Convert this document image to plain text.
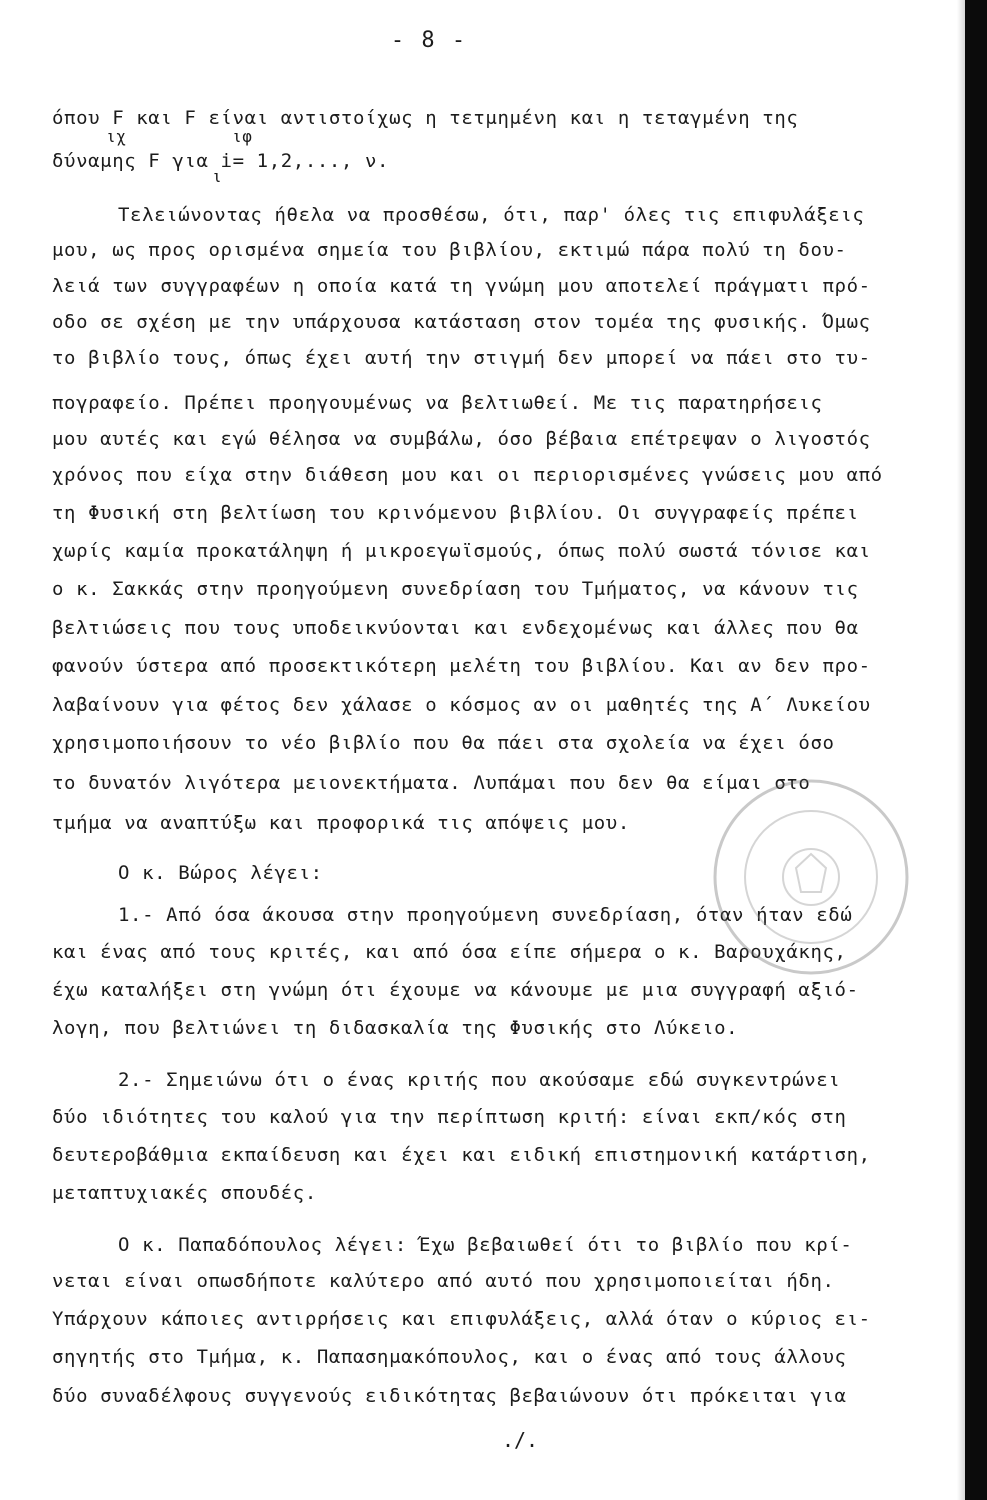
- 8 -
όπου F και F είναι αντιστοίχως η τετμημένη και η τεταγμένη της
ιχ	ιφ
δύναμης F για i= 1,2,..., ν.
ι
Τελειώνοντας ήθελα να προσθέσω, ότι, παρ' όλες τις επιφυλάξεις
μου, ως προς ορισμένα σημεία του βιβλίου, εκτιμώ πάρα πολύ τη δου-
λειά των συγγραφέων η οποία κατά τη γνώμη μου αποτελεί πράγματι πρό-
οδο σε σχέση με την υπάρχουσα κατάσταση στον τομέα της φυσικής. Όμως
το βιβλίο τους, όπως έχει αυτή την στιγμή δεν μπορεί να πάει στο τυ-
πογραφείο. Πρέπει προηγουμένως να βελτιωθεί. Με τις παρατηρήσεις
μου αυτές και εγώ θέλησα να συμβάλω, όσο βέβαια επέτρεψαν ο λιγοστός
χρόνος που είχα στην διάθεση μου και οι περιορισμένες γνώσεις μου από
τη Φυσική στη βελτίωση του κρινόμενου βιβλίου. Οι συγγραφείς πρέπει
χωρίς καμία προκατάληψη ή μικροεγωϊσμούς, όπως πολύ σωστά τόνισε και
ο κ. Σακκάς στην προηγούμενη συνεδρίαση του Τμήματος, να κάνουν τις
βελτιώσεις που τους υποδεικνύονται και ενδεχομένως και άλλες που θα
φανούν ύστερα από προσεκτικότερη μελέτη του βιβλίου. Και αν δεν προ-
λαβαίνουν για φέτος δεν χάλασε ο κόσμος αν οι μαθητές της Α΄ Λυκείου
χρησιμοποιήσουν το νέο βιβλίο που θα πάει στα σχολεία να έχει όσο
το δυνατόν λιγότερα μειονεκτήματα. Λυπάμαι που δεν θα είμαι στο
τμήμα να αναπτύξω και προφορικά τις απόψεις μου.
Ο κ. Βώρος λέγει:
1.- Από όσα άκουσα στην προηγούμενη συνεδρίαση, όταν ήταν εδώ
και ένας από τους κριτές, και από όσα είπε σήμερα ο κ. Βαρουχάκης,
έχω καταλήξει στη γνώμη ότι έχουμε να κάνουμε με μια συγγραφή αξιό-
λογη, που βελτιώνει τη διδασκαλία της Φυσικής στο Λύκειο.
2.- Σημειώνω ότι ο ένας κριτής που ακούσαμε εδώ συγκεντρώνει
δύο ιδιότητες του καλού για την περίπτωση κριτή: είναι εκπ/κός στη
δευτεροβάθμια εκπαίδευση και έχει και ειδική επιστημονική κατάρτιση,
μεταπτυχιακές σπουδές.
Ο κ. Παπαδόπουλος λέγει: Έχω βεβαιωθεί ότι το βιβλίο που κρί-
νεται είναι οπωσδήποτε καλύτερο από αυτό που χρησιμοποιείται ήδη.
Υπάρχουν κάποιες αντιρρήσεις και επιφυλάξεις, αλλά όταν ο κύριος ει-
σηγητής στο Τμήμα, κ. Παπασημακόπουλος, και ο ένας από τους άλλους
δύο συναδέλφους συγγενούς ειδικότητας βεβαιώνουν ότι πρόκειται για
./.
